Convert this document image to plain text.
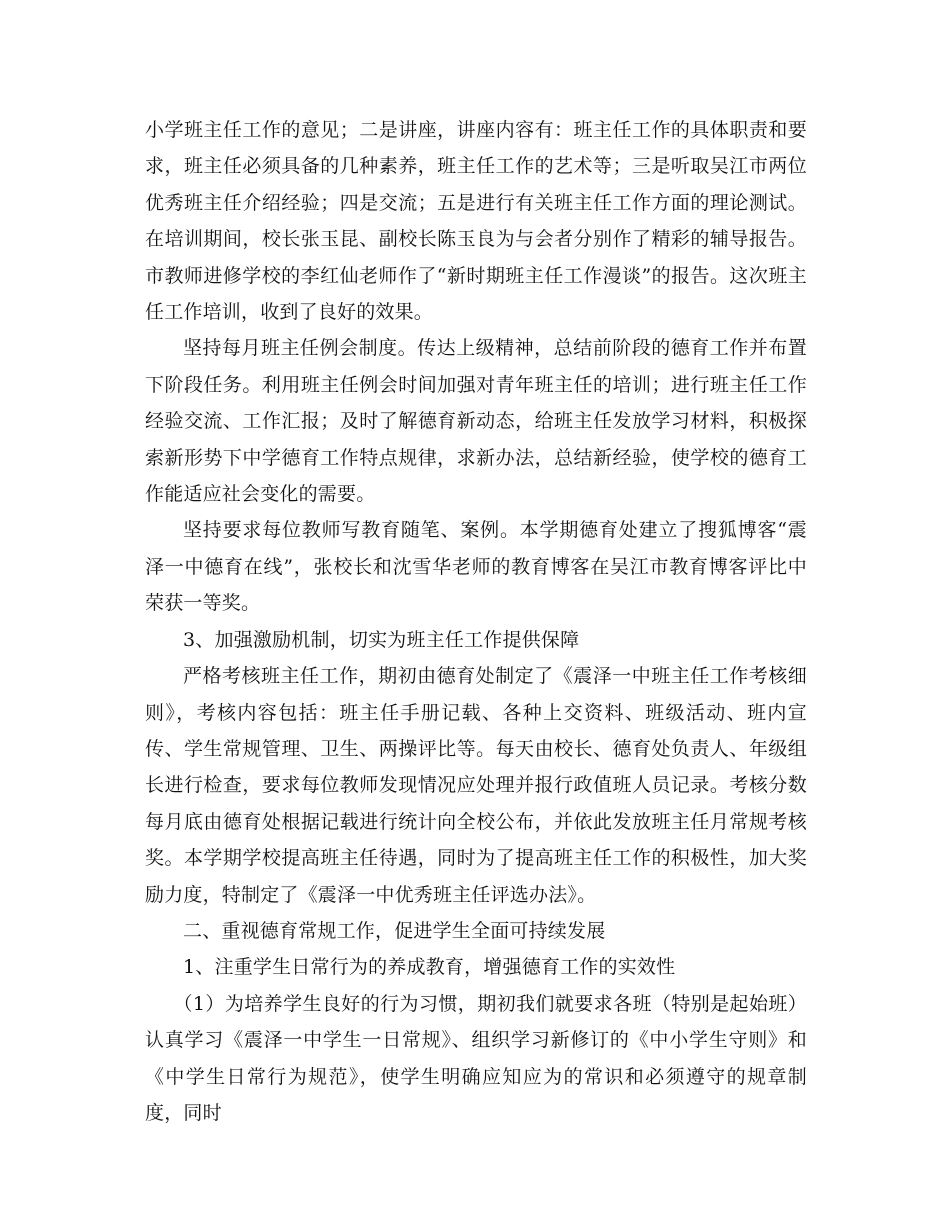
小学班主任工作的意见；二是讲座，讲座内容有：班主任工作的具体职责和要求，班主任必须具备的几种素养，班主任工作的艺术等；三是听取吴江市两位优秀班主任介绍经验；四是交流；五是进行有关班主任工作方面的理论测试。在培训期间，校长张玉昆、副校长陈玉良为与会者分别作了精彩的辅导报告。 市教师进修学校的李红仙老师作了“新时期班主任工作漫谈”的报告。这次班主任工作培训，收到了良好的效果。

坚持每月班主任例会制度。传达上级精神，总结前阶段的德育工作并布置下阶段任务。利用班主任例会时间加强对青年班主任的培训；进行班主任工作经验交流、工作汇报；及时了解德育新动态，给班主任发放学习材料，积极探索新形势下中学德育工作特点规律，求新办法，总结新经验，使学校的德育工作能适应社会变化的需要。

坚持要求每位教师写教育随笔、案例。本学期德育处建立了搜狐博客“震泽一中德育在线”，张校长和沈雪华老师的教育博客在吴江市教育博客评比中荣获一等奖。

3、加强激励机制，切实为班主任工作提供保障

严格考核班主任工作，期初由德育处制定了《震泽一中班主任工作考核细则》，考核内容包括：班主任手册记载、各种上交资料、班级活动、班内宣传、学生常规管理、卫生、两操评比等。每天由校长、德育处负责人、年级组长进行检查，要求每位教师发现情况应处理并报行政值班人员记录。考核分数每月底由德育处根据记载进行统计向全校公布，并依此发放班主任月常规考核奖。本学期学校提高班主任待遇，同时为了提高班主任工作的积极性，加大奖励力度，特制定了《震泽一中优秀班主任评选办法》。

二、重视德育常规工作，促进学生全面可持续发展

1、注重学生日常行为的养成教育，增强德育工作的实效性

（1）为培养学生良好的行为习惯，期初我们就要求各班（特别是起始班）认真学习《震泽一中学生一日常规》、组织学习新修订的《中小学生守则》和《中学生日常行为规范》，使学生明确应知应为的常识和必须遵守的规章制度，同时
